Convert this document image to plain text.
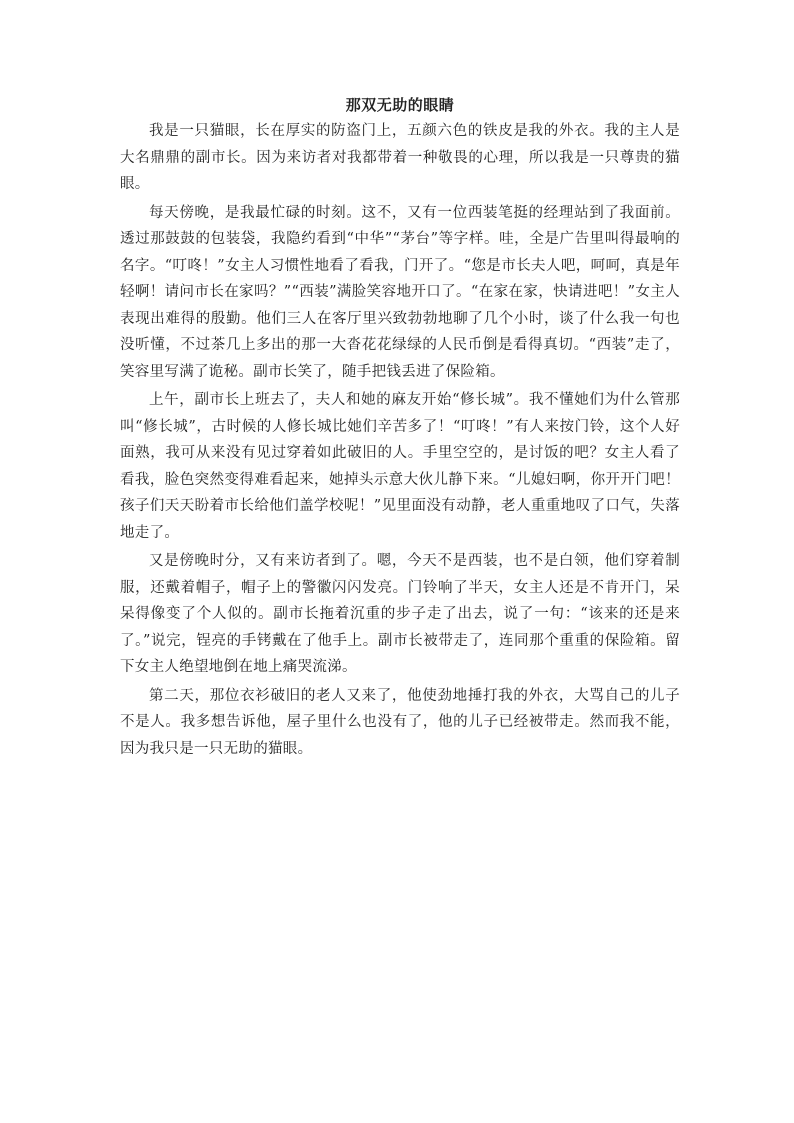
那双无助的眼睛

我是一只猫眼，长在厚实的防盗门上，五颜六色的铁皮是我的外衣。我的主人是大名鼎鼎的副市长。因为来访者对我都带着一种敬畏的心理，所以我是一只尊贵的猫眼。

每天傍晚，是我最忙碌的时刻。这不，又有一位西装笔挺的经理站到了我面前。透过那鼓鼓的包装袋，我隐约看到“中华”“茅台”等字样。哇，全是广告里叫得最响的名字。“叮咚！”女主人习惯性地看了看我，门开了。“您是市长夫人吧，呵呵，真是年轻啊！请问市长在家吗？”“西装”满脸笑容地开口了。“在家在家，快请进吧！”女主人表现出难得的殷勤。他们三人在客厅里兴致勃勃地聊了几个小时，谈了什么我一句也没听懂，不过茶几上多出的那一大沓花花绿绿的人民币倒是看得真切。“西装”走了，笑容里写满了诡秘。副市长笑了，随手把钱丢进了保险箱。

上午，副市长上班去了，夫人和她的麻友开始“修长城”。我不懂她们为什么管那叫“修长城”，古时候的人修长城比她们辛苦多了！“叮咚！”有人来按门铃，这个人好面熟，我可从来没有见过穿着如此破旧的人。手里空空的，是讨饭的吧？女主人看了看我，脸色突然变得难看起来，她掉头示意大伙儿静下来。“儿媳妇啊，你开开门吧！孩子们天天盼着市长给他们盖学校呢！”见里面没有动静，老人重重地叹了口气，失落地走了。

又是傍晚时分，又有来访者到了。嗯，今天不是西装，也不是白领，他们穿着制服，还戴着帽子，帽子上的警徽闪闪发亮。门铃响了半天，女主人还是不肯开门，呆呆得像变了个人似的。副市长拖着沉重的步子走了出去，说了一句：“该来的还是来了。”说完，锃亮的手铐戴在了他手上。副市长被带走了，连同那个重重的保险箱。留下女主人绝望地倒在地上痛哭流涕。

第二天，那位衣衫破旧的老人又来了，他使劲地捶打我的外衣，大骂自己的儿子不是人。我多想告诉他，屋子里什么也没有了，他的儿子已经被带走。然而我不能，因为我只是一只无助的猫眼。
